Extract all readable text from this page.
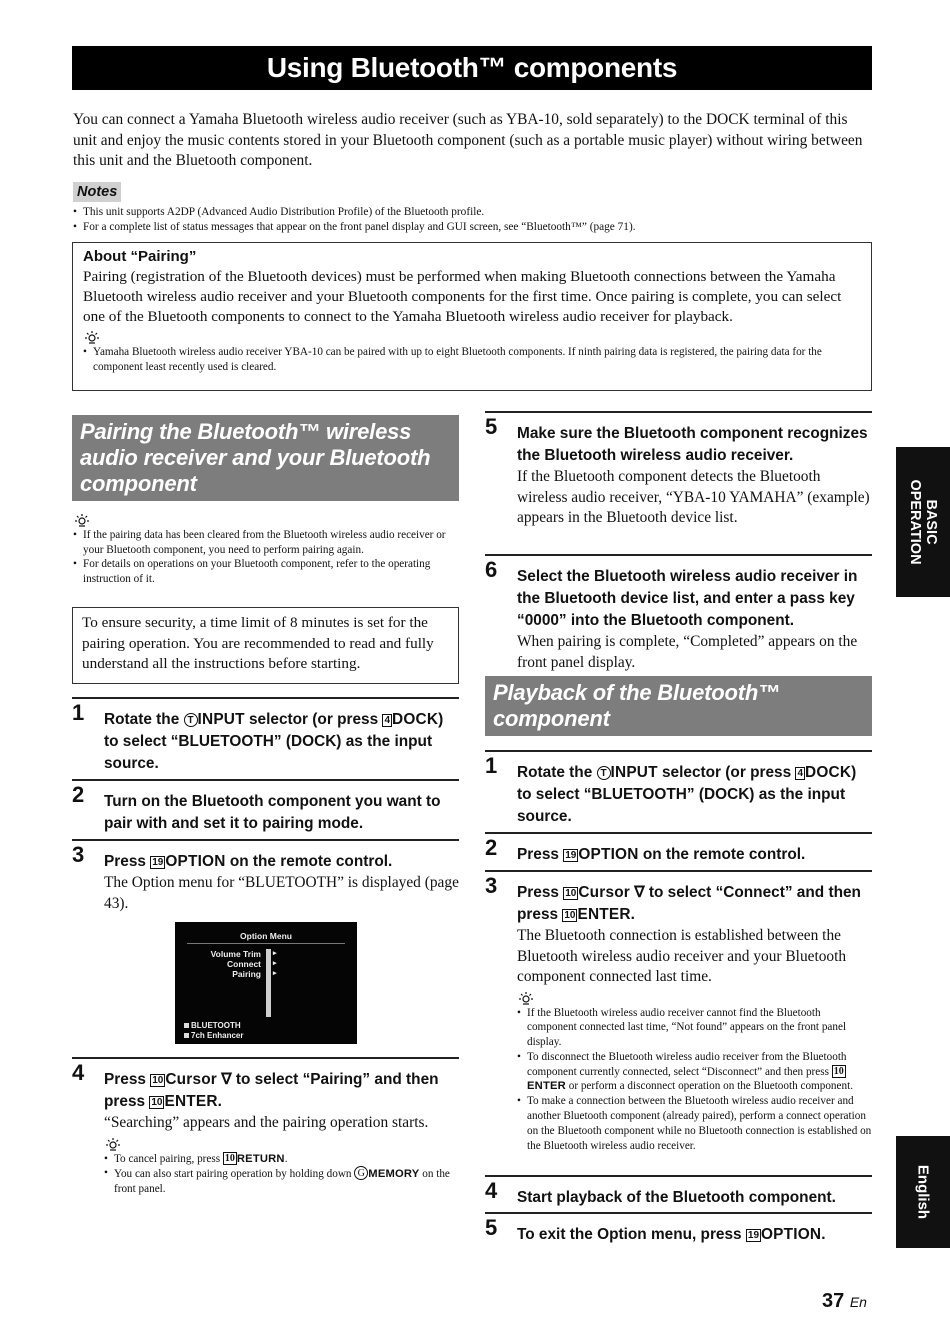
Using Bluetooth™ components

You can connect a Yamaha Bluetooth wireless audio receiver (such as YBA-10, sold separately) to the DOCK terminal of this unit and enjoy the music contents stored in your Bluetooth component (such as a portable music player) without wiring between this unit and the Bluetooth component.

Notes
• This unit supports A2DP (Advanced Audio Distribution Profile) of the Bluetooth profile.
• For a complete list of status messages that appear on the front panel display and GUI screen, see “Bluetooth™” (page 71).
About “Pairing”

Pairing (registration of the Bluetooth devices) must be performed when making Bluetooth connections between the Yamaha Bluetooth wireless audio receiver and your Bluetooth components for the first time. Once pairing is complete, you can select one of the Bluetooth components to connect to the Yamaha Bluetooth wireless audio receiver for playback.

• Yamaha Bluetooth wireless audio receiver YBA-10 can be paired with up to eight Bluetooth components. If ninth pairing data is registered, the pairing data for the component least recently used is cleared.
Pairing the Bluetooth™ wireless audio receiver and your Bluetooth component
• If the pairing data has been cleared from the Bluetooth wireless audio receiver or your Bluetooth component, you need to perform pairing again.
• For details on operations on your Bluetooth component, refer to the operating instruction of it.
To ensure security, a time limit of 8 minutes is set for the pairing operation. You are recommended to read and fully understand all the instructions before starting.
1 Rotate the T INPUT selector (or press 4 DOCK) to select “BLUETOOTH” (DOCK) as the input source.
2 Turn on the Bluetooth component you want to pair with and set it to pairing mode.
3 Press 19 OPTION on the remote control.
The Option menu for “BLUETOOTH” is displayed (page 43).
Option Menu
Volume Trim
Connect
Pairing
▸
▸
▸
BLUETOOTH
7ch Enhancer
4 Press 10 Cursor ∇ to select “Pairing” and then press 10 ENTER.
“Searching” appears and the pairing operation starts.
• To cancel pairing, press 10 RETURN.
• You can also start pairing operation by holding down G MEMORY on the front panel.
5 Make sure the Bluetooth component recognizes the Bluetooth wireless audio receiver.
If the Bluetooth component detects the Bluetooth wireless audio receiver, “YBA-10 YAMAHA” (example) appears in the Bluetooth device list.
6 Select the Bluetooth wireless audio receiver in the Bluetooth device list, and enter a pass key “0000” into the Bluetooth component.
When pairing is complete, “Completed” appears on the front panel display.
Playback of the Bluetooth™ component
1 Rotate the T INPUT selector (or press 4 DOCK) to select “BLUETOOTH” (DOCK) as the input source.
2 Press 19 OPTION on the remote control.
3 Press 10 Cursor ∇ to select “Connect” and then press 10 ENTER.
The Bluetooth connection is established between the Bluetooth wireless audio receiver and your Bluetooth component connected last time.
• If the Bluetooth wireless audio receiver cannot find the Bluetooth component connected last time, “Not found” appears on the front panel display.
• To disconnect the Bluetooth wireless audio receiver from the Bluetooth component currently connected, select “Disconnect” and then press 10ENTER or perform a disconnect operation on the Bluetooth component.
• To make a connection between the Bluetooth wireless audio receiver and another Bluetooth component (already paired), perform a connect operation on the Bluetooth component while no Bluetooth connection is established on the Bluetooth wireless audio receiver.
4 Start playback of the Bluetooth component.
5 To exit the Option menu, press 19 OPTION.
BASIC
OPERATION
English
37 En
